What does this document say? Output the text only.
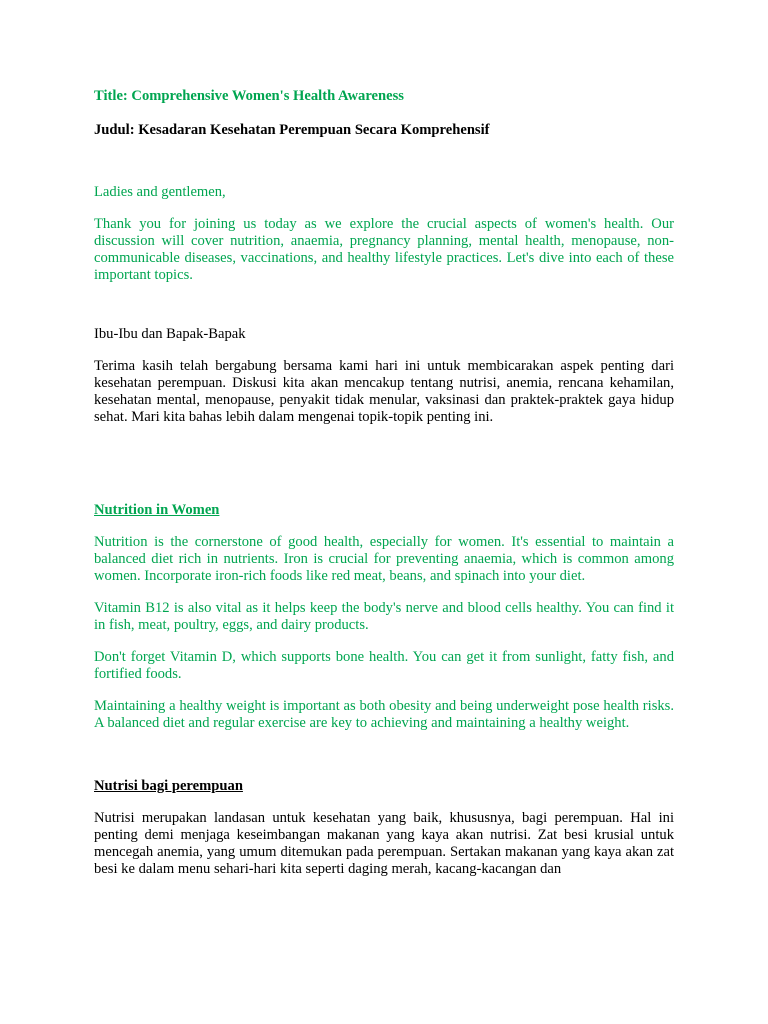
Title: Comprehensive Women's Health Awareness

Judul: Kesadaran Kesehatan Perempuan Secara Komprehensif

Ladies and gentlemen,

Thank you for joining us today as we explore the crucial aspects of women's health. Our discussion will cover nutrition, anaemia, pregnancy planning, mental health, menopause, non-communicable diseases, vaccinations, and healthy lifestyle practices. Let's dive into each of these important topics.

Ibu-Ibu dan Bapak-Bapak

Terima kasih telah bergabung bersama kami hari ini untuk membicarakan aspek penting dari kesehatan perempuan. Diskusi kita akan mencakup tentang nutrisi, anemia, rencana kehamilan, kesehatan mental, menopause, penyakit tidak menular, vaksinasi dan praktek-praktek gaya hidup sehat. Mari kita bahas lebih dalam mengenai topik-topik penting ini.

Nutrition in Women

Nutrition is the cornerstone of good health, especially for women. It's essential to maintain a balanced diet rich in nutrients. Iron is crucial for preventing anaemia, which is common among women. Incorporate iron-rich foods like red meat, beans, and spinach into your diet.

Vitamin B12 is also vital as it helps keep the body's nerve and blood cells healthy. You can find it in fish, meat, poultry, eggs, and dairy products.

Don't forget Vitamin D, which supports bone health. You can get it from sunlight, fatty fish, and fortified foods.

Maintaining a healthy weight is important as both obesity and being underweight pose health risks. A balanced diet and regular exercise are key to achieving and maintaining a healthy weight.

Nutrisi bagi perempuan

Nutrisi merupakan landasan untuk kesehatan yang baik, khususnya, bagi perempuan. Hal ini penting demi menjaga keseimbangan makanan yang kaya akan nutrisi. Zat besi krusial untuk mencegah anemia, yang umum ditemukan pada perempuan. Sertakan makanan yang kaya akan zat besi ke dalam menu sehari-hari kita seperti daging merah, kacang-kacangan dan
